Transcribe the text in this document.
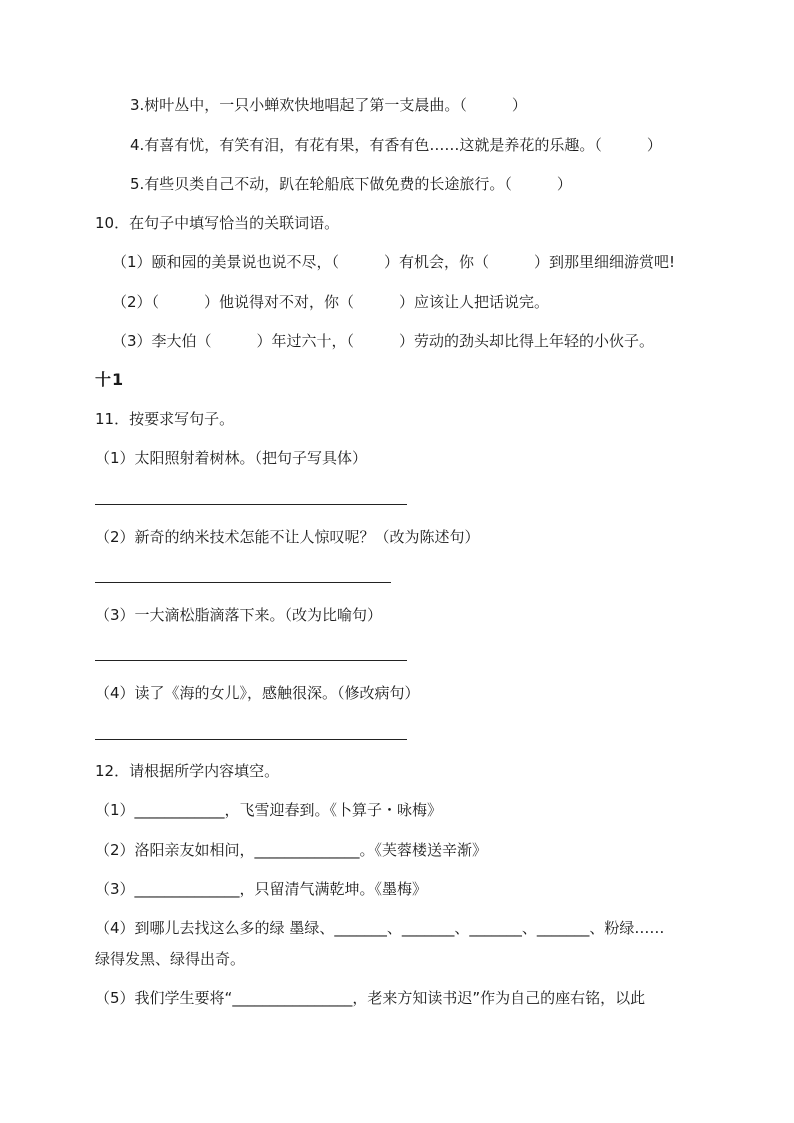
3.树叶丛中，一只小蝉欢快地唱起了第一支晨曲。（　　　）
4.有喜有忧，有笑有泪，有花有果，有香有色……这就是养花的乐趣。（　　　）
5.有些贝类自己不动，趴在轮船底下做免费的长途旅行。（　　　）
10．在句子中填写恰当的关联词语。
（1）颐和园的美景说也说不尽，（　　　）有机会，你（　　　）到那里细细游赏吧!
（2）（　　　）他说得对不对，你（　　　）应该让人把话说完。
（3）李大伯（　　　）年过六十，（　　　）劳动的劲头却比得上年轻的小伙子。
十1
11．按要求写句子。
（1）太阳照射着树林。（把句子写具体）
（2）新奇的纳米技术怎能不让人惊叹呢？（改为陈述句）
（3）一大滴松脂滴落下来。（改为比喻句）
（4）读了《海的女儿》，感触很深。（修改病句）
12．请根据所学内容填空。
（1）____________，飞雪迎春到。《卜算子・咏梅》
（2）洛阳亲友如相问，______________。《芙蓉楼送辛渐》
（3）______________，只留清气满乾坤。《墨梅》
（4）到哪儿去找这么多的绿 墨绿、_______、_______、_______、_______、粉绿……
绿得发黑、绿得出奇。
（5）我们学生要将“________________，老来方知读书迟”作为自己的座右铭，以此
